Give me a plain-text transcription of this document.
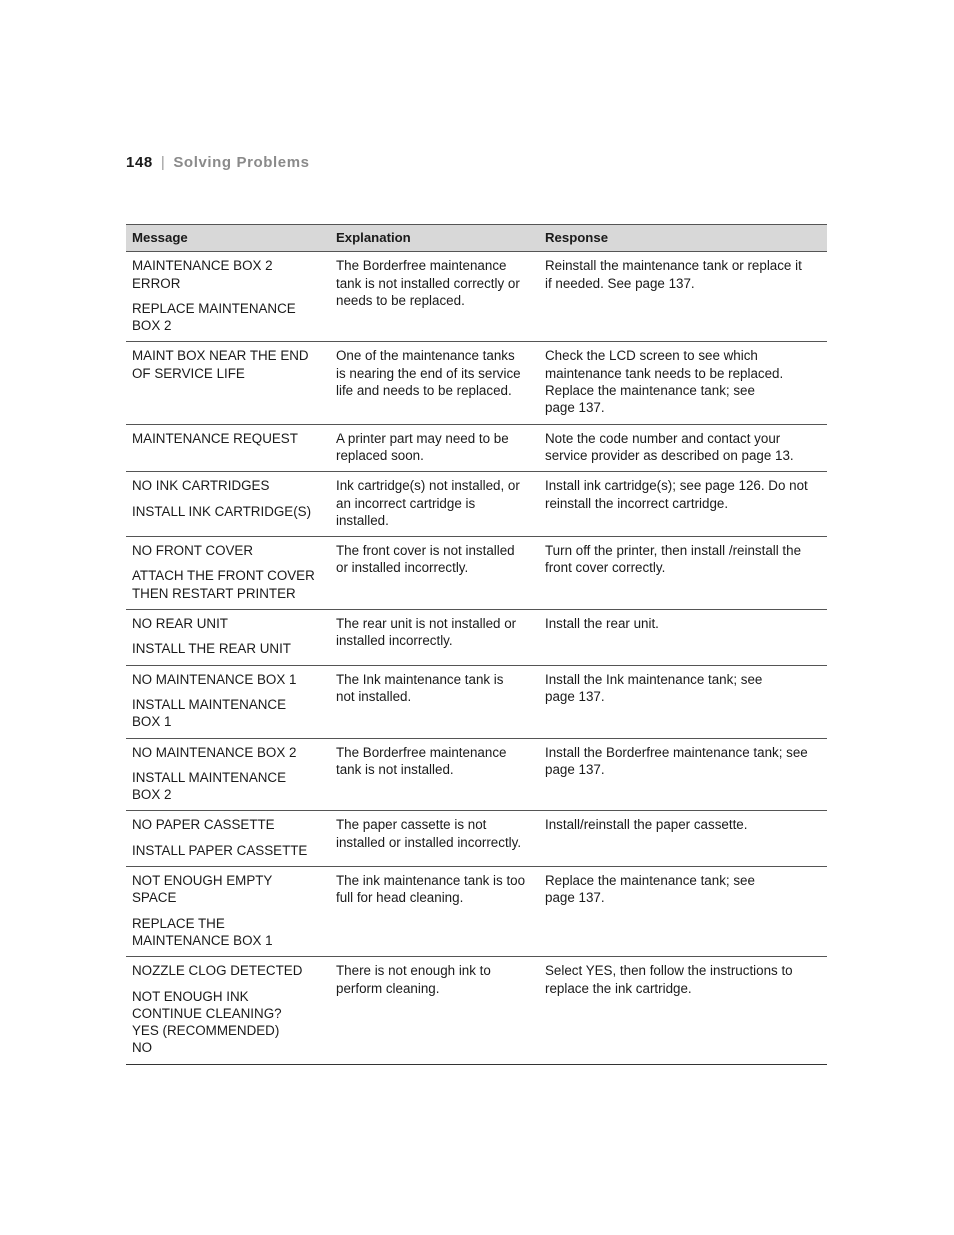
148 | Solving Problems
Message	Explanation	Response

MAINTENANCE BOX 2
ERROR
REPLACE MAINTENANCE
BOX 2	The Borderfree maintenance
tank is not installed correctly or
needs to be replaced.	Reinstall the maintenance tank or replace it
if needed. See page 137.

MAINT BOX NEAR THE END
OF SERVICE LIFE	One of the maintenance tanks
is nearing the end of its service
life and needs to be replaced.	Check the LCD screen to see which
maintenance tank needs to be replaced.
Replace the maintenance tank; see
page 137.

MAINTENANCE REQUEST	A printer part may need to be
replaced soon.	Note the code number and contact your
service provider as described on page 13.

NO INK CARTRIDGES
INSTALL INK CARTRIDGE(S)	Ink cartridge(s) not installed, or
an incorrect cartridge is
installed.	Install ink cartridge(s); see page 126. Do not
reinstall the incorrect cartridge.

NO FRONT COVER
ATTACH THE FRONT COVER
THEN RESTART PRINTER	The front cover is not installed
or installed incorrectly.	Turn off the printer, then install /reinstall the
front cover correctly.

NO REAR UNIT
INSTALL THE REAR UNIT	The rear unit is not installed or
installed incorrectly.	Install the rear unit.

NO MAINTENANCE BOX 1
INSTALL MAINTENANCE
BOX 1	The Ink maintenance tank is
not installed.	Install the Ink maintenance tank; see
page 137.

NO MAINTENANCE BOX 2
INSTALL MAINTENANCE
BOX 2	The Borderfree maintenance
tank is not installed.	Install the Borderfree maintenance tank; see
page 137.

NO PAPER CASSETTE
INSTALL PAPER CASSETTE	The paper cassette is not
installed or installed incorrectly.	Install/reinstall the paper cassette.

NOT ENOUGH EMPTY
SPACE
REPLACE THE
MAINTENANCE BOX 1	The ink maintenance tank is too
full for head cleaning.	Replace the maintenance tank; see
page 137.

NOZZLE CLOG DETECTED
NOT ENOUGH INK
CONTINUE CLEANING?
YES (RECOMMENDED)
NO	There is not enough ink to
perform cleaning.	Select YES, then follow the instructions to
replace the ink cartridge.
